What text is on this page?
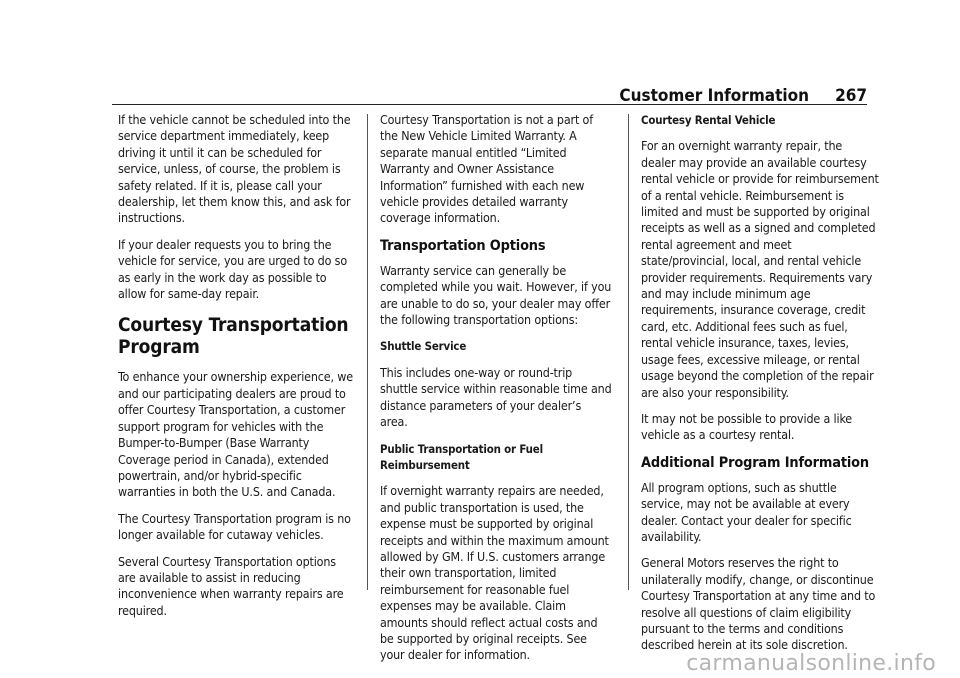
Customer Information 267

If the vehicle cannot be scheduled into the service department immediately, keep driving it until it can be scheduled for service, unless, of course, the problem is safety related. If it is, please call your dealership, let them know this, and ask for instructions.

If your dealer requests you to bring the vehicle for service, you are urged to do so as early in the work day as possible to allow for same-day repair.

Courtesy Transportation Program

To enhance your ownership experience, we and our participating dealers are proud to offer Courtesy Transportation, a customer support program for vehicles with the Bumper-to-Bumper (Base Warranty Coverage period in Canada), extended powertrain, and/or hybrid-specific warranties in both the U.S. and Canada.

The Courtesy Transportation program is no longer available for cutaway vehicles.

Several Courtesy Transportation options are available to assist in reducing inconvenience when warranty repairs are required.

Courtesy Transportation is not a part of the New Vehicle Limited Warranty. A separate manual entitled “Limited Warranty and Owner Assistance Information” furnished with each new vehicle provides detailed warranty coverage information.

Transportation Options

Warranty service can generally be completed while you wait. However, if you are unable to do so, your dealer may offer the following transportation options:

Shuttle Service

This includes one-way or round-trip shuttle service within reasonable time and distance parameters of your dealer’s area.

Public Transportation or Fuel Reimbursement

If overnight warranty repairs are needed, and public transportation is used, the expense must be supported by original receipts and within the maximum amount allowed by GM. If U.S. customers arrange their own transportation, limited reimbursement for reasonable fuel expenses may be available. Claim amounts should reflect actual costs and be supported by original receipts. See your dealer for information.

Courtesy Rental Vehicle

For an overnight warranty repair, the dealer may provide an available courtesy rental vehicle or provide for reimbursement of a rental vehicle. Reimbursement is limited and must be supported by original receipts as well as a signed and completed rental agreement and meet state/provincial, local, and rental vehicle provider requirements. Requirements vary and may include minimum age requirements, insurance coverage, credit card, etc. Additional fees such as fuel, rental vehicle insurance, taxes, levies, usage fees, excessive mileage, or rental usage beyond the completion of the repair are also your responsibility.

It may not be possible to provide a like vehicle as a courtesy rental.

Additional Program Information

All program options, such as shuttle service, may not be available at every dealer. Contact your dealer for specific availability.

General Motors reserves the right to unilaterally modify, change, or discontinue Courtesy Transportation at any time and to resolve all questions of claim eligibility pursuant to the terms and conditions described herein at its sole discretion.

carmanualsonline.info
